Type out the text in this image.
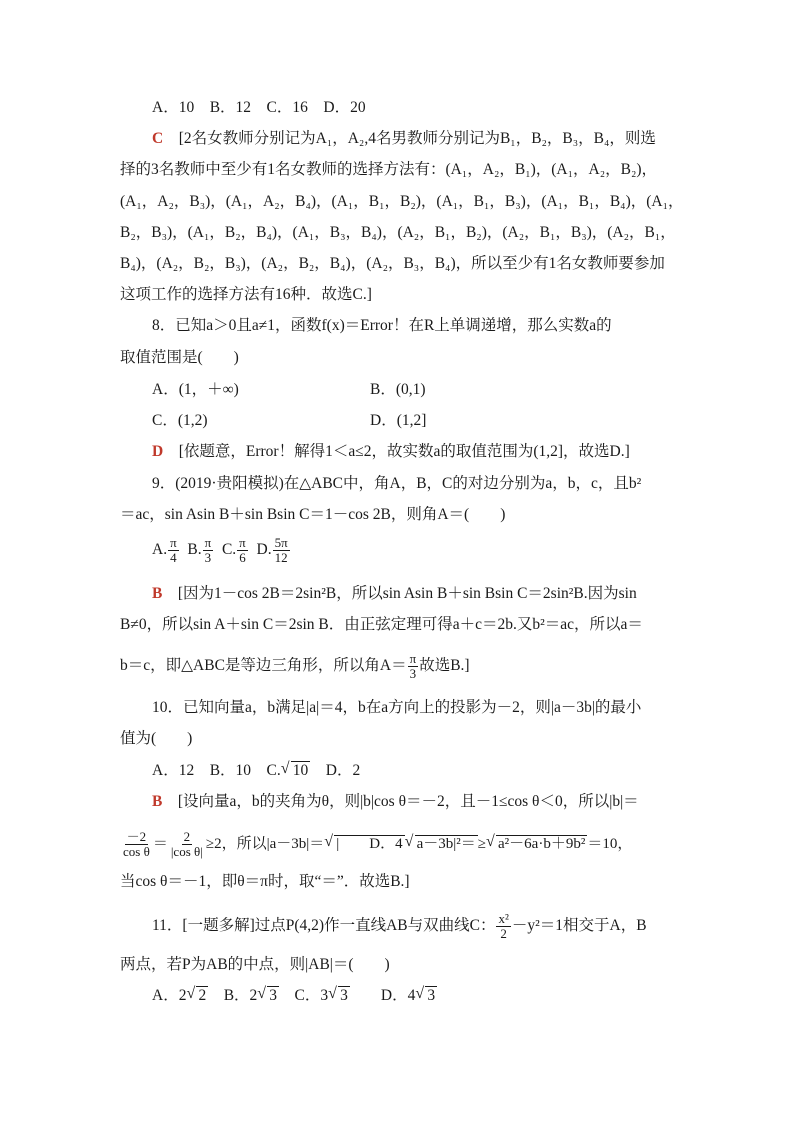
A．10　B．12　C．16　D．20
C　 [2名女教师分别记为A₁，A₂,4名男教师分别记为B₁，B₂，B₃，B₄，则选
择的3名教师中至少有1名女教师的选择方法有：(A₁，A₂，B₁)，(A₁，A₂，B₂)，
(A₁，A₂，B₃)，(A₁，A₂，B₄)，(A₁，B₁，B₂)，(A₁，B₁，B₃)，(A₁，B₁，B₄)，(A₁，
B₂，B₃)，(A₁，B₂，B₄)，(A₁，B₃，B₄)，(A₂，B₁，B₂)，(A₂，B₁，B₃)，(A₂，B₁，
B₄)，(A₂，B₂，B₃)，(A₂，B₂，B₄)，(A₂，B₃，B₄)，所以至少有1名女教师要参加
这项工作的选择方法有16种．故选C.]
8．已知a＞0且a≠1，函数f(x)＝Error！在R上单调递增，那么实数a的
取值范围是(　　)
A．(1，＋∞)	B．(0,1)
C．(1,2)	D．(1,2]
D　 [依题意，Error！解得1＜a≤2，故实数a的取值范围为(1,2]，故选D.]
9．(2019·贵阳模拟)在△ABC中，角A，B，C的对边分别为a，b，c，且b²
＝ac，sin Asin B＋sin Bsin C＝1－cos 2B，则角A＝(　　)
A. $\frac{\pi}{4} B$. $\frac{\pi}{3} C$. $\frac{\pi}{6} D$. $\frac{5\pi}{12}$
B　 [因为1－cos 2B＝2sin²B，所以sin Asin B＋sin Bsin C＝2sin²B.因为sin
B≠0，所以sin A＋sin C＝2sin B．由正弦定理可得a＋c＝2b.又b²＝ac，所以a＝
b＝c，即△ABC是等边三角形，所以角$A= \frac{\pi}{3}$ 故选B.]
10．已知向量a，b满足|a|＝4，b在a方向上的投影为－2，则|a－3b|的最小
值为(　　)
A．12　B．10　C. √ 10　D．2
B　 [设向量a，b的夹角为θ，则|b|cos θ＝－2，且－1≤cos θ＜0，所以|b|＝
$\frac{-2}{\text{cos θ}} = \frac{2}{\text{|cos θ|}} \ge 2$，所以|a－3b|＝ √ |　　D．4 √ a－3b|²＝ ≥ √ a²－6a·b＋9b² ＝10，
当cos θ＝－1，即θ＝π时，取“＝”．故选B.]
11．[一题多解]过点P(4,2)作一直线AB与双曲线C： $\frac{\text{x²}}{2} -y^2=1$相交于A，B
两点，若P为AB的中点，则|AB|＝(　　)
A．2 √ 2　B．2 √ 3　C．3 √ 3　　D．4 √ 3
